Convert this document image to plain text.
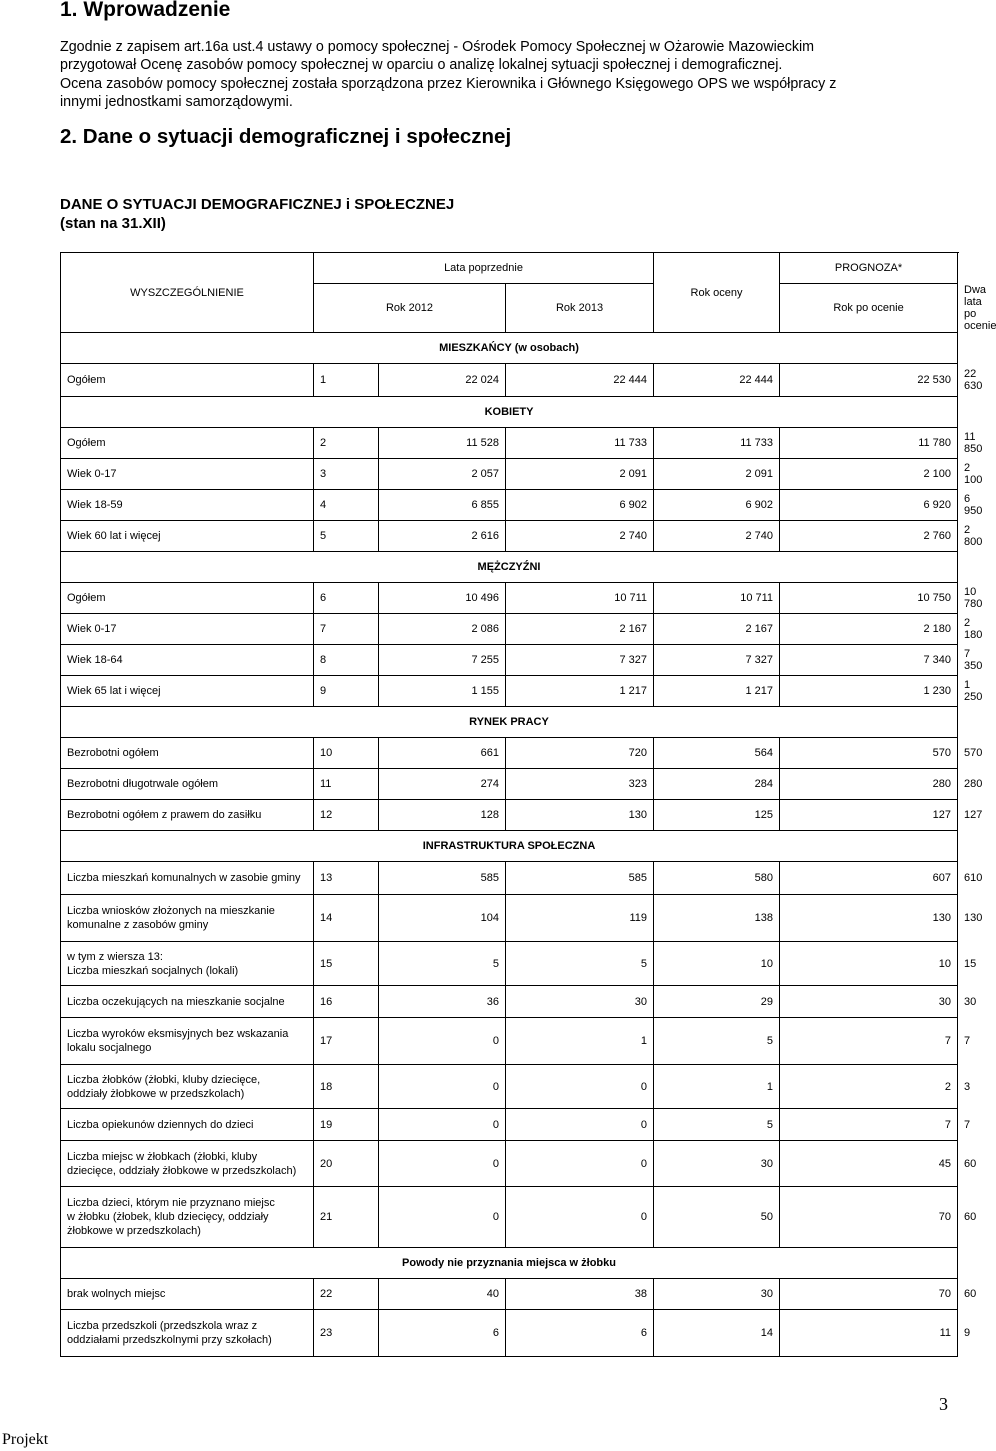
1. Wprowadzenie
Zgodnie z zapisem art.16a ust.4 ustawy o pomocy społecznej - Ośrodek Pomocy Społecznej w Ożarowie Mazowieckim
przygotował Ocenę zasobów pomocy społecznej w oparciu o analizę lokalnej sytuacji społecznej i demograficznej.
Ocena zasobów pomocy społecznej została sporządzona przez Kierownika i Głównego Księgowego OPS we współpracy z
innymi jednostkami samorządowymi.
2. Dane o sytuacji demograficznej i społecznej
DANE O SYTUACJI DEMOGRAFICZNEJ i SPOŁECZNEJ
(stan na 31.XII)
WYSZCZEGÓLNIENIE	Lata poprzednie			Rok oceny	PROGNOZA*	
	Rok 2012		Rok 2013		Rok po ocenie	Dwa lata po ocenie
MIESZKAŃCY (w osobach)						

Ogółem	1	22 024	22 444	22 444	22 530	22 630
KOBIETY						

Ogółem	2	11 528	11 733	11 733	11 780	11 850

Wiek 0-17	3	2 057	2 091	2 091	2 100	2 100

Wiek 18-59	4	6 855	6 902	6 902	6 920	6 950

Wiek 60 lat i więcej	5	2 616	2 740	2 740	2 760	2 800
MĘŻCZYŹNI						

Ogółem	6	10 496	10 711	10 711	10 750	10 780

Wiek 0-17	7	2 086	2 167	2 167	2 180	2 180

Wiek 18-64	8	7 255	7 327	7 327	7 340	7 350

Wiek 65 lat i więcej	9	1 155	1 217	1 217	1 230	1 250
RYNEK PRACY						

Bezrobotni ogółem	10	661	720	564	570	570

Bezrobotni długotrwale ogółem	11	274	323	284	280	280

Bezrobotni ogółem z prawem do zasiłku	12	128	130	125	127	127
INFRASTRUKTURA SPOŁECZNA						

Liczba mieszkań komunalnych w zasobie gminy	13	585	585	580	607	610

Liczba wniosków złożonych na mieszkanie
komunalne z zasobów gminy	14	104	119	138	130	130

w tym z wiersza 13:
Liczba mieszkań socjalnych (lokali)	15	5	5	10	10	15

Liczba oczekujących na mieszkanie socjalne	16	36	30	29	30	30

Liczba wyroków eksmisyjnych bez wskazania
lokalu socjalnego	17	0	1	5	7	7

Liczba żłobków (żłobki, kluby dziecięce,
oddziały żłobkowe w przedszkolach)	18	0	0	1	2	3

Liczba opiekunów dziennych do dzieci	19	0	0	5	7	7

Liczba miejsc w żłobkach (żłobki, kluby
dziecięce, oddziały żłobkowe w przedszkolach)	20	0	0	30	45	60

Liczba dzieci, którym nie przyznano miejsc
w żłobku (żłobek, klub dziecięcy, oddziały
żłobkowe w przedszkolach)	21	0	0	50	70	60
Powody nie przyznania miejsca w żłobku						

brak wolnych miejsc	22	40	38	30	70	60

Liczba przedszkoli (przedszkola wraz z
oddziałami przedszkolnymi przy szkołach)	23	6	6	14	11	9
3
Projekt
